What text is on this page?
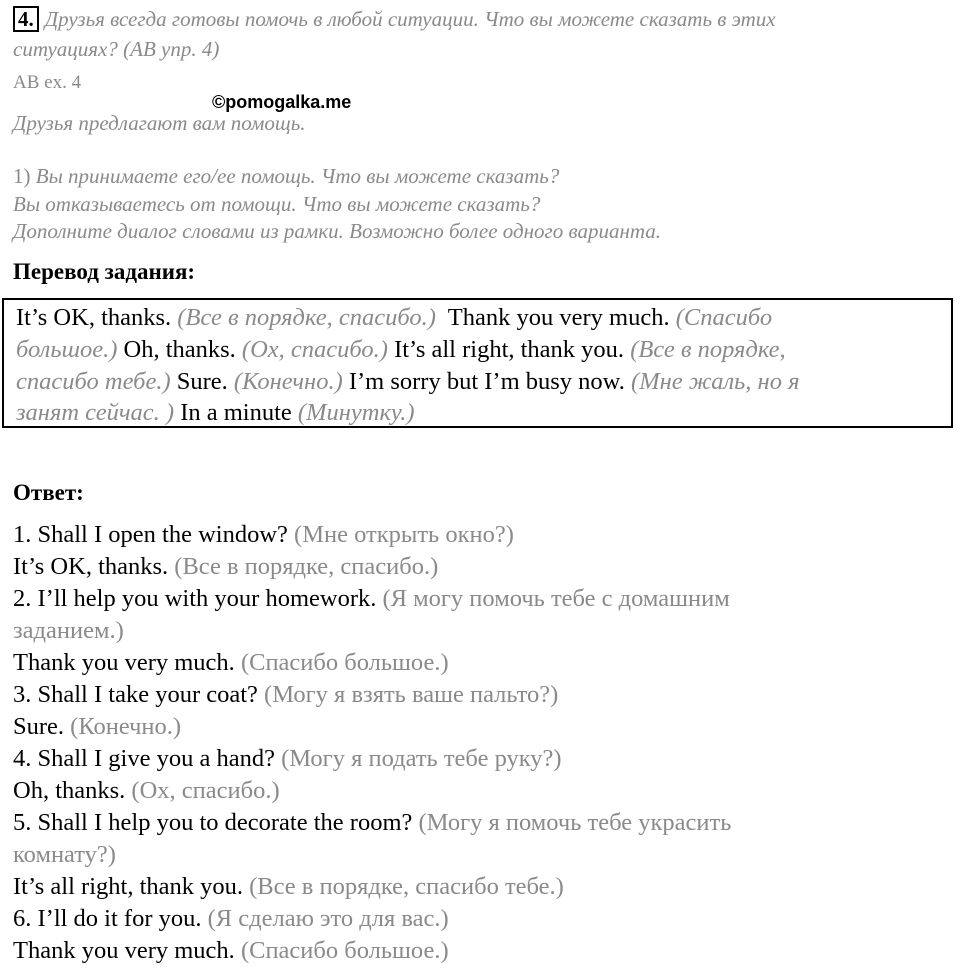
4. Друзья всегда готовы помочь в любой ситуации. Что вы можете сказать в этих
ситуациях? (AB упр. 4)
AB ex. 4
©pomogalka.me
Друзья предлагают вам помощь.
1) Вы принимаете его/ее помощь. Что вы можете сказать?
Вы отказываетесь от помощи. Что вы можете сказать?
Дополните диалог словами из рамки. Возможно более одного варианта.
Перевод задания:
It’s OK, thanks. (Все в порядке, спасибо.)  Thank you very much. (Спасибо
большое.) Oh, thanks. (Ох, спасибо.) It’s all right, thank you. (Все в порядке,
спасибо тебе.) Sure. (Конечно.) I’m sorry but I’m busy now. (Мне жаль, но я
занят сейчас. ) In a minute (Минутку.)
Ответ:
1. Shall I open the window? (Мне открыть окно?)
It’s OK, thanks. (Все в порядке, спасибо.)
2. I’ll help you with your homework. (Я могу помочь тебе с домашним
заданием.)
Thank you very much. (Спасибо большое.)
3. Shall I take your coat? (Могу я взять ваше пальто?)
Sure. (Конечно.)
4. Shall I give you a hand? (Могу я подать тебе руку?)
Oh, thanks. (Ох, спасибо.)
5. Shall I help you to decorate the room? (Могу я помочь тебе украсить
комнату?)
It’s all right, thank you. (Все в порядке, спасибо тебе.)
6. I’ll do it for you. (Я сделаю это для вас.)
Thank you very much. (Спасибо большое.)
